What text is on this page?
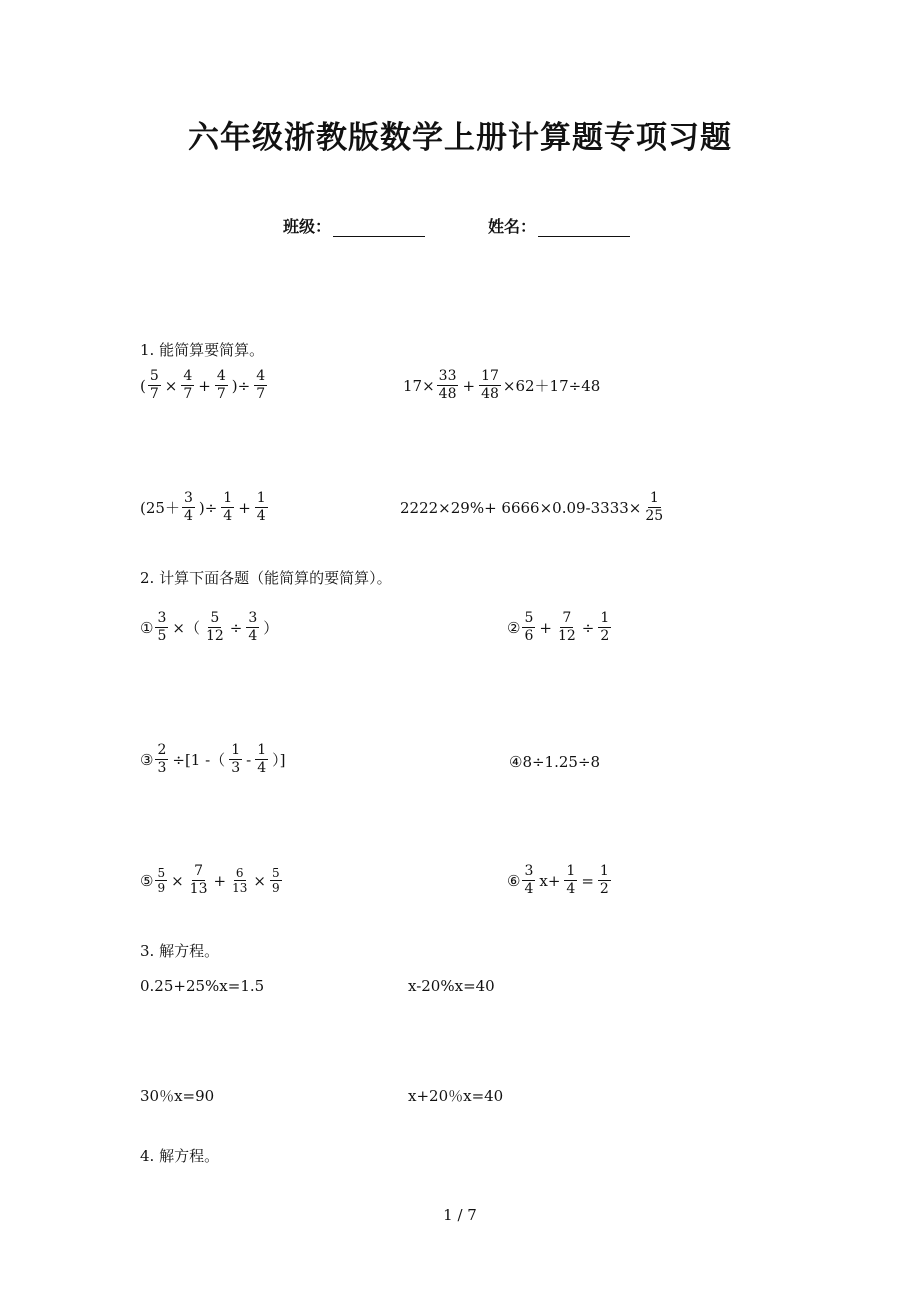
六年级浙教版数学上册计算题专项习题
班级：	姓名：
1. 能简算要简算。
( $\frac{5}{7} \times \frac{4}{7} + \frac{4}{7}$ )÷ $\frac{4}{7}$	$17\times \frac{33}{48} + \frac{17}{48} \times 62+17\div 48$
($25+ \frac{3}{4}$ )÷ $\frac{1}{4} + \frac{1}{4}$	$2222\times 29\%+ 6666\times 0.09-3333\times \frac{1}{25}$
2. 计算下面各题（能简算的要简算）。
① $\frac{3}{5}$ ×（ $\frac{5}{12} \div \frac{3}{4}$ ）	② $\frac{5}{6} + \frac{7}{12} \div \frac{1}{2}$
③ $\frac{2}{3} \div[1$ -（ $\frac{1}{3} - \frac{1}{4}$ ）]	④8÷1.25÷8
⑤ $\frac{5}{9} \times \frac{7}{13} + \frac{6}{13} \times \frac{5}{9}$	⑥ $\frac{3}{4} x+ \frac{1}{4} = \frac{1}{2}$
3. 解方程。
0.25+25%x=1.5	x-20%x=40
30％x=90	x+20％x=40
4. 解方程。
1 / 7
